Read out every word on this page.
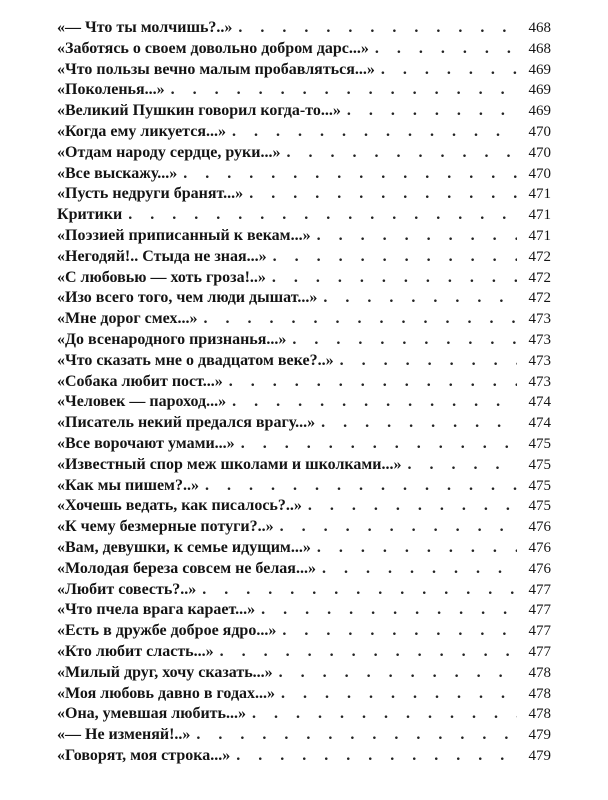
«— Что ты молчишь?..» . . .	468
«Заботясь о своем довольно добром дарс...» . . .	468
«Что пользы вечно малым пробавляться...» . . .	469
«Поколенья...» . . .	469
«Великий Пушкин говорил когда-то...» . . .	469
«Когда ему ликуется...» . . .	470
«Отдам народу сердце, руки...» . . .	470
«Все выскажу...» . . .	470
«Пусть недруги бранят...» . . .	471
Критики . . .	471
«Поэзией приписанный к векам...» . . .	471
«Негодяй!.. Стыда не зная...» . . .	472
«С любовью — хоть гроза!..» . . .	472
«Изо всего того, чем люди дышат...» . . .	472
«Мне дорог смех...» . . .	473
«До всенародного признанья...» . . .	473
«Что сказать мне о двадцатом веке?..» . . .	473
«Собака любит пост...» . . .	473
«Человек — пароход...» . . .	474
«Писатель некий предался врагу...» . . .	474
«Все ворочают умами...» . . .	475
«Известный спор меж школами и школками...» . . .	475
«Как мы пишем?..» . . .	475
«Хочешь ведать, как писалось?..» . . .	475
«К чему безмерные потуги?..» . . .	476
«Вам, девушки, к семье идущим...» . . .	476
«Молодая береза совсем не белая...» . . .	476
«Любит совесть?..» . . .	477
«Что пчела врага карает...» . . .	477
«Есть в дружбе доброе ядро...» . . .	477
«Кто любит сласть...» . . .	477
«Милый друг, хочу сказать...» . . .	478
«Моя любовь давно в годах...» . . .	478
«Она, умевшая любить...» . . .	478
«— Не изменяй!..» . . .	479
«Говорят, моя строка...» . . .	479
